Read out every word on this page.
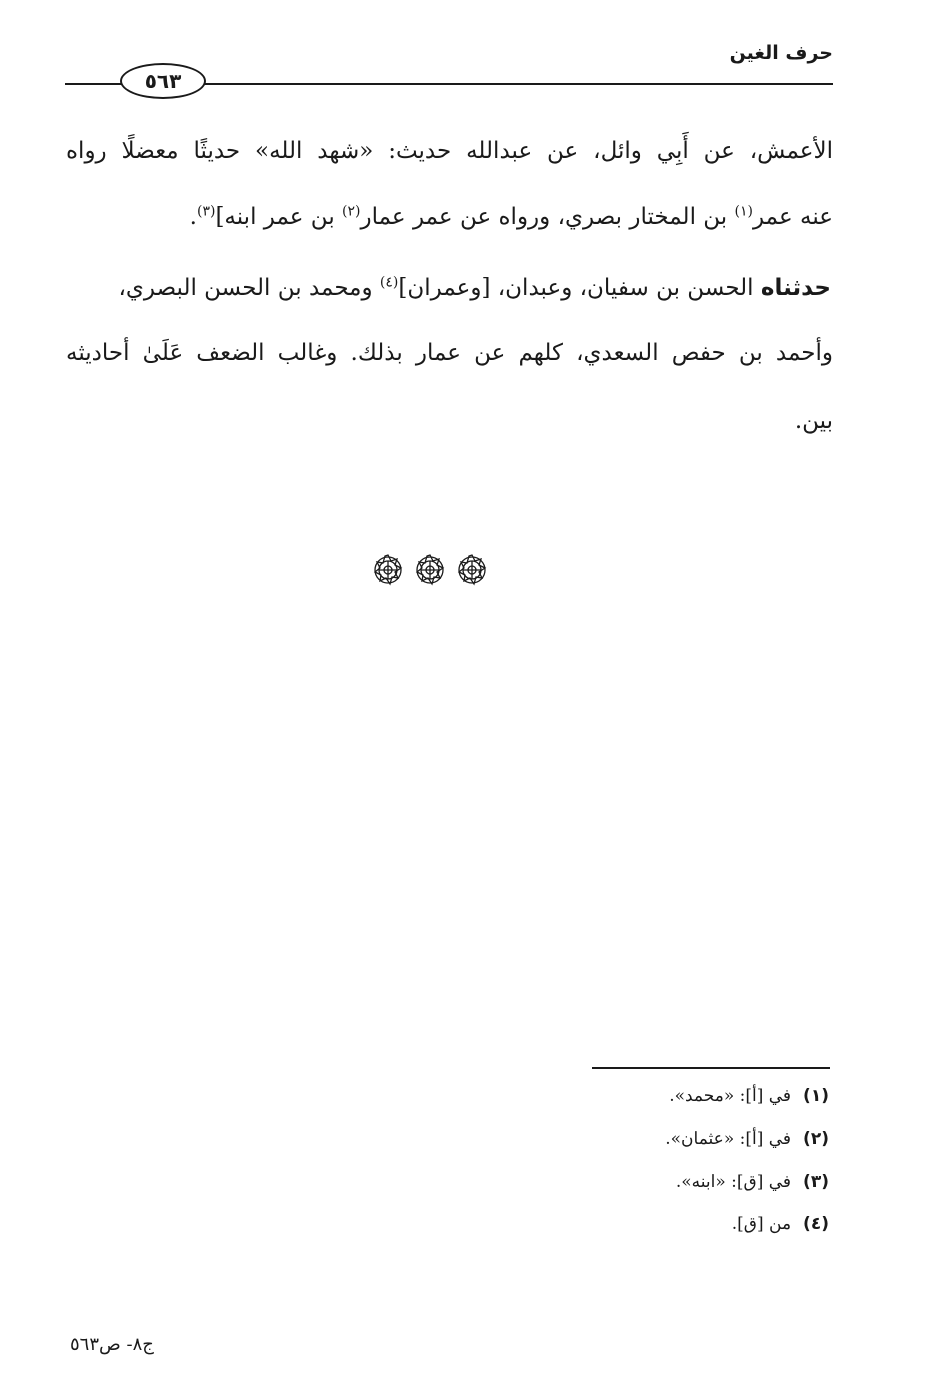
حرف الغين
٥٦٣
الأعمش، عن أَبِي وائل، عن عبدالله حديث: «شهد الله» حديثًا معضلًا رواه
عنه عمر$^{(١)}$ بن المختار بصري، ورواه عن عمر عمار$^{(٢)}$ بن عمر ابنه]$^{(٣)}$.
حدثناه الحسن بن سفيان، وعبدان، [وعمران]$^{(٤)}$ ومحمد بن الحسن البصري،
وأحمد بن حفص السعدي، كلهم عن عمار بذلك. وغالب الضعف عَلَىٰ أحاديثه
بين.
(١)في [أ]: «محمد».
(٢)في [أ]: «عثمان».
(٣)في [ق]: «ابنه».
(٤)من [ق].
ج٨- ص٥٦٣
